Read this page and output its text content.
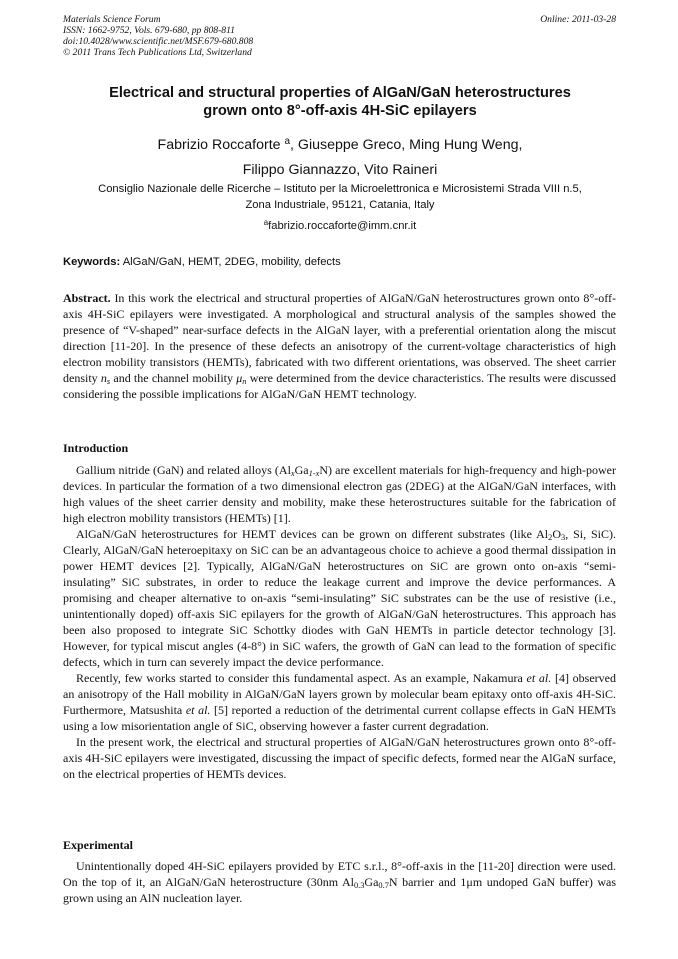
Materials Science Forum
ISSN: 1662-9752, Vols. 679-680, pp 808-811
doi:10.4028/www.scientific.net/MSF.679-680.808
© 2011 Trans Tech Publications Ltd, Switzerland
Online: 2011-03-28
Electrical and structural properties of AlGaN/GaN heterostructures
grown onto 8°-off-axis 4H-SiC epilayers
Fabrizio Roccaforte $^a$, Giuseppe Greco, Ming Hung Weng,
Filippo Giannazzo, Vito Raineri
Consiglio Nazionale delle Ricerche – Istituto per la Microelettronica e Microsistemi Strada VIII n.5,
Zona Industriale, 95121, Catania, Italy
$^a$fabrizio.roccaforte@imm.cnr.it
Keywords: AlGaN/GaN, HEMT, 2DEG, mobility, defects
Abstract. In this work the electrical and structural properties of AlGaN/GaN heterostructures grown onto 8°-off-axis 4H-SiC epilayers were investigated. A morphological and structural analysis of the samples showed the presence of “V-shaped” near-surface defects in the AlGaN layer, with a preferential orientation along the miscut direction [11-20]. In the presence of these defects an anisotropy of the current-voltage characteristics of high electron mobility transistors (HEMTs), fabricated with two different orientations, was observed. The sheet carrier density $n_s$ and the channel mobility $\mu_n$ were determined from the device characteristics. The results were discussed considering the possible implications for AlGaN/GaN HEMT technology.
Introduction

Gallium nitride (GaN) and related alloys $(Al_xGa_{1-x}N)$ are excellent materials for high-frequency and high-power devices. In particular the formation of a two dimensional electron gas (2DEG) at the AlGaN/GaN interfaces, with high values of the sheet carrier density and mobility, make these heterostructures suitable for the fabrication of high electron mobility transistors (HEMTs) [1].

AlGaN/GaN heterostructures for HEMT devices can be grown on different substrates (like $Al_2O_3$, Si, SiC). Clearly, AlGaN/GaN heteroepitaxy on SiC can be an advantageous choice to achieve a good thermal dissipation in power HEMT devices [2]. Typically, AlGaN/GaN heterostructures on SiC are grown onto on-axis “semi-insulating” SiC substrates, in order to reduce the leakage current and improve the device performances. A promising and cheaper alternative to on-axis “semi-insulating” SiC substrates can be the use of resistive (i.e., unintentionally doped) off-axis SiC epilayers for the growth of AlGaN/GaN heterostructures. This approach has been also proposed to integrate SiC Schottky diodes with GaN HEMTs in particle detector technology [3]. However, for typical miscut angles (4-8°) in SiC wafers, the growth of GaN can lead to the formation of specific defects, which in turn can severely impact the device performance.

Recently, few works started to consider this fundamental aspect. As an example, Nakamura et al. [4] observed an anisotropy of the Hall mobility in AlGaN/GaN layers grown by molecular beam epitaxy onto off-axis 4H-SiC. Furthermore, Matsushita et al. [5] reported a reduction of the detrimental current collapse effects in GaN HEMTs using a low misorientation angle of SiC, observing however a faster current degradation.

In the present work, the electrical and structural properties of AlGaN/GaN heterostructures grown onto 8°-off-axis 4H-SiC epilayers were investigated, discussing the impact of specific defects, formed near the AlGaN surface, on the electrical properties of HEMTs devices.

Experimental

Unintentionally doped 4H-SiC epilayers provided by ETC s.r.l., 8°-off-axis in the [11-20] direction were used. On the top of it, an AlGaN/GaN heterostructure (30nm $Al_{0.3}Ga_{0.7}N$ barrier and 1μm undoped GaN buffer) was grown using an AlN nucleation layer.
